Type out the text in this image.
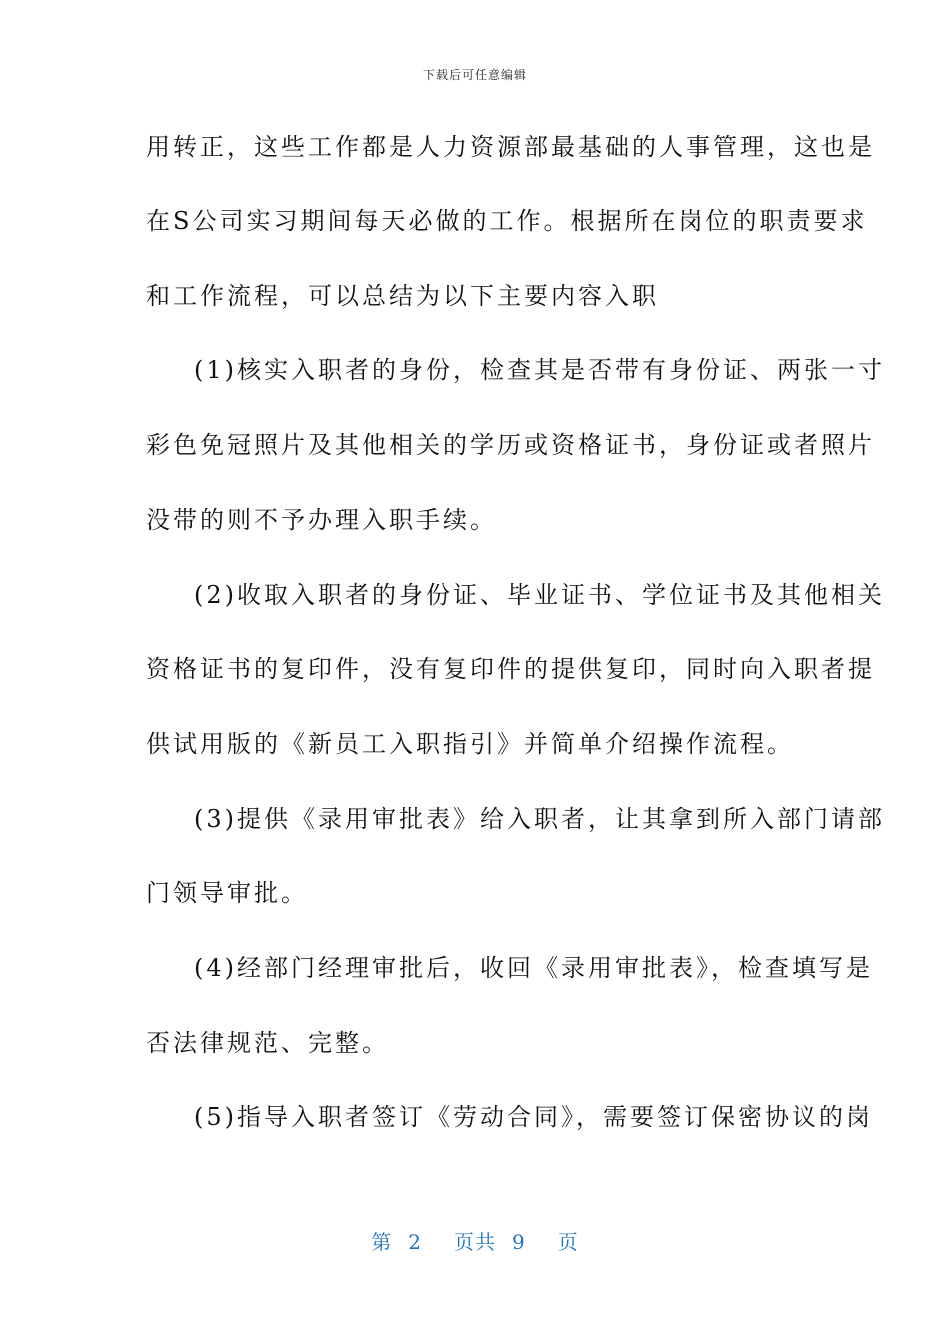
下载后可任意编辑
用转正，这些工作都是人力资源部最基础的人事管理，这也是
在S公司实习期间每天必做的工作。根据所在岗位的职责要求
和工作流程，可以总结为以下主要内容入职
(1)核实入职者的身份，检查其是否带有身份证、两张一寸
彩色免冠照片及其他相关的学历或资格证书，身份证或者照片
没带的则不予办理入职手续。
(2)收取入职者的身份证、毕业证书、学位证书及其他相关
资格证书的复印件，没有复印件的提供复印，同时向入职者提
供试用版的《新员工入职指引》并简单介绍操作流程。
(3)提供《录用审批表》给入职者，让其拿到所入部门请部
门领导审批。
(4)经部门经理审批后，收回《录用审批表》，检查填写是
否法律规范、完整。
(5)指导入职者签订《劳动合同》，需要签订保密协议的岗
第 2 页共 9 页
